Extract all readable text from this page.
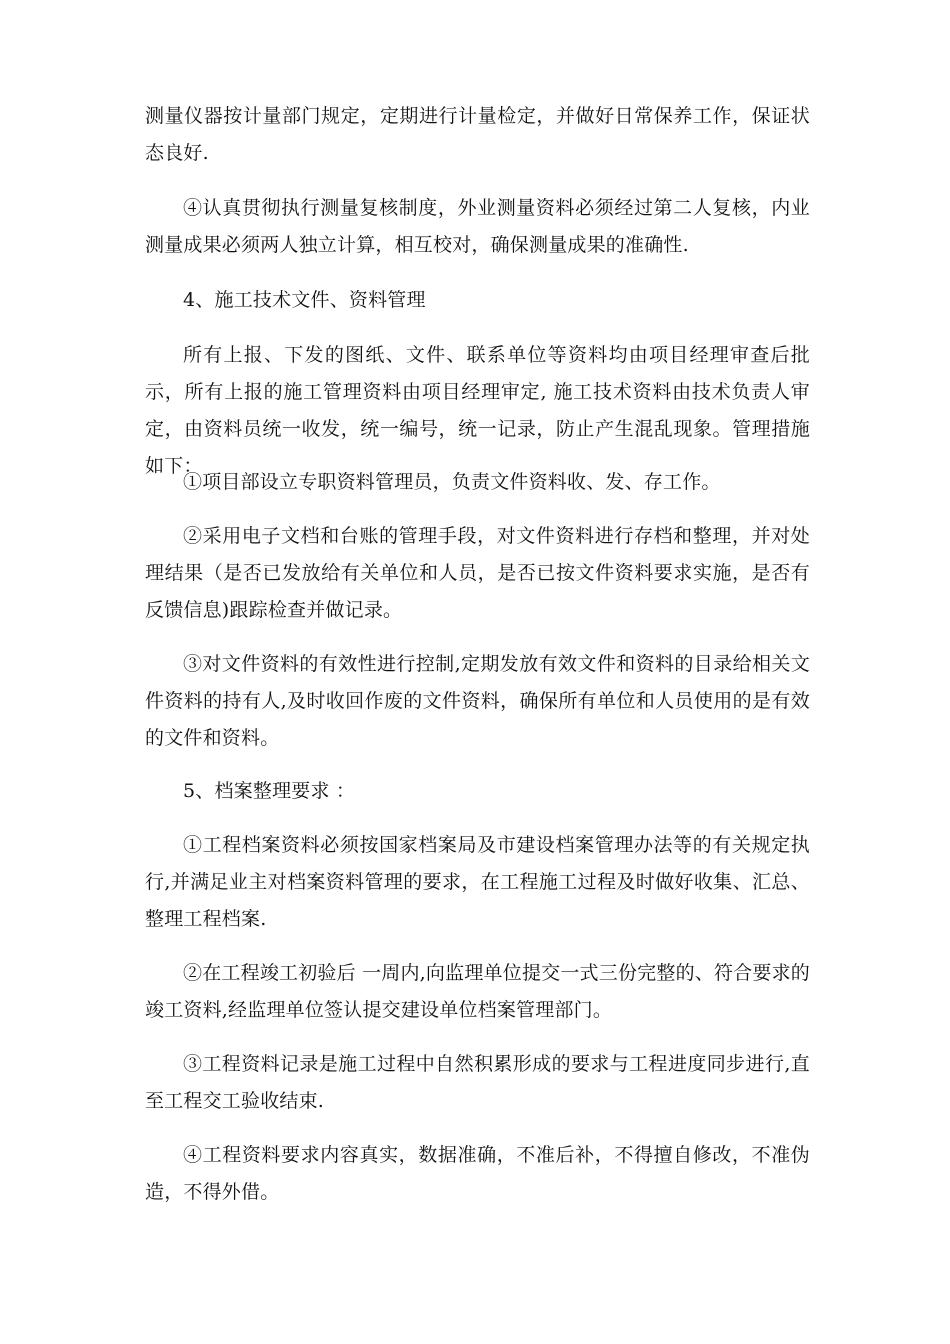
测量仪器按计量部门规定，定期进行计量检定，并做好日常保养工作，保证状态良好.

④认真贯彻执行测量复核制度，外业测量资料必须经过第二人复核，内业测量成果必须两人独立计算，相互校对，确保测量成果的准确性.

4、施工技术文件、资料管理

所有上报、下发的图纸、文件、联系单位等资料均由项目经理审查后批示，所有上报的施工管理资料由项目经理审定, 施工技术资料由技术负责人审定，由资料员统一收发，统一编号，统一记录，防止产生混乱现象。管理措施如下：

①项目部设立专职资料管理员，负责文件资料收、发、存工作。

②采用电子文档和台账的管理手段，对文件资料进行存档和整理，并对处理结果（是否已发放给有关单位和人员，是否已按文件资料要求实施，是否有反馈信息)跟踪检查并做记录。

③对文件资料的有效性进行控制,定期发放有效文件和资料的目录给相关文件资料的持有人,及时收回作废的文件资料，确保所有单位和人员使用的是有效的文件和资料。

5、档案整理要求 ：

①工程档案资料必须按国家档案局及市建设档案管理办法等的有关规定执行,并满足业主对档案资料管理的要求，在工程施工过程及时做好收集、汇总、整理工程档案.

②在工程竣工初验后 一周内,向监理单位提交一式三份完整的、符合要求的竣工资料,经监理单位签认提交建设单位档案管理部门。

③工程资料记录是施工过程中自然积累形成的要求与工程进度同步进行,直至工程交工验收结束.

④工程资料要求内容真实，数据准确，不准后补，不得擅自修改，不准伪造，不得外借。
